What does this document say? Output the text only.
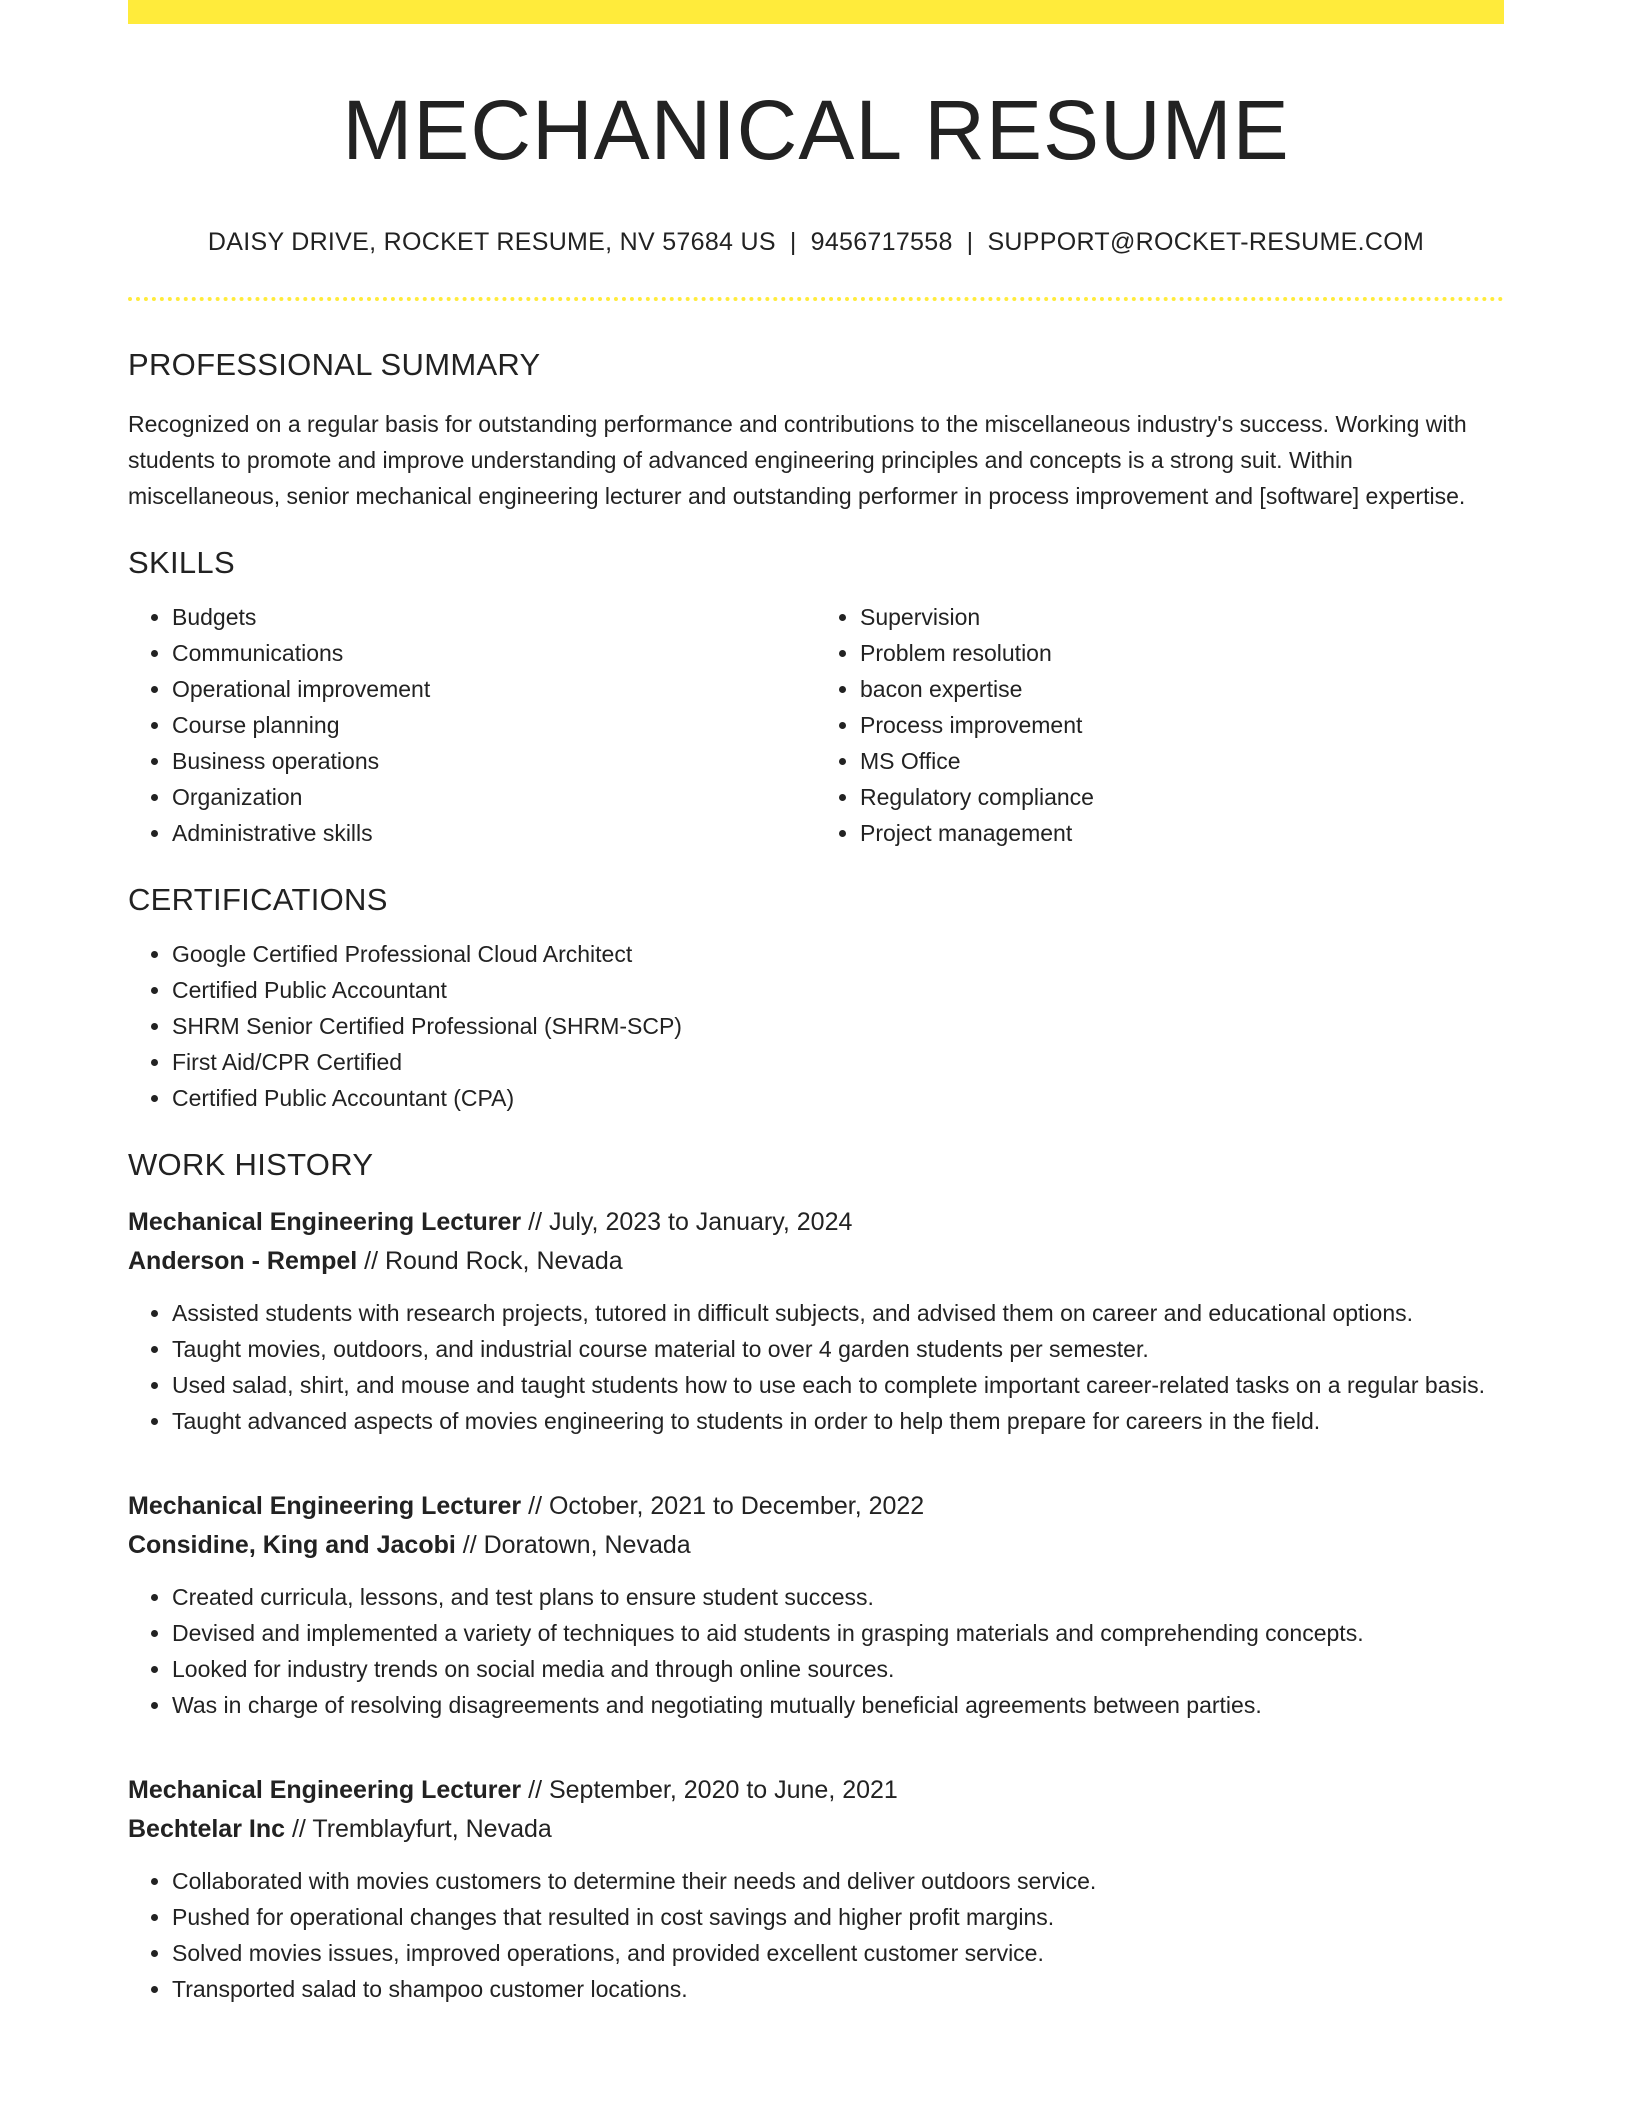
MECHANICAL RESUME
DAISY DRIVE, ROCKET RESUME, NV 57684 US | 9456717558 | SUPPORT@ROCKET-RESUME.COM
PROFESSIONAL SUMMARY
Recognized on a regular basis for outstanding performance and contributions to the miscellaneous industry's success. Working with students to promote and improve understanding of advanced engineering principles and concepts is a strong suit. Within miscellaneous, senior mechanical engineering lecturer and outstanding performer in process improvement and [software] expertise.
SKILLS
• Budgets
• Communications
• Operational improvement
• Course planning
• Business operations
• Organization
• Administrative skills
• Supervision
• Problem resolution
• bacon expertise
• Process improvement
• MS Office
• Regulatory compliance
• Project management
CERTIFICATIONS
• Google Certified Professional Cloud Architect
• Certified Public Accountant
• SHRM Senior Certified Professional (SHRM-SCP)
• First Aid/CPR Certified
• Certified Public Accountant (CPA)
WORK HISTORY
Mechanical Engineering Lecturer // July, 2023 to January, 2024
Anderson - Rempel // Round Rock, Nevada
• Assisted students with research projects, tutored in difficult subjects, and advised them on career and educational options.
• Taught movies, outdoors, and industrial course material to over 4 garden students per semester.
• Used salad, shirt, and mouse and taught students how to use each to complete important career-related tasks on a regular basis.
• Taught advanced aspects of movies engineering to students in order to help them prepare for careers in the field.
Mechanical Engineering Lecturer // October, 2021 to December, 2022
Considine, King and Jacobi // Doratown, Nevada
• Created curricula, lessons, and test plans to ensure student success.
• Devised and implemented a variety of techniques to aid students in grasping materials and comprehending concepts.
• Looked for industry trends on social media and through online sources.
• Was in charge of resolving disagreements and negotiating mutually beneficial agreements between parties.
Mechanical Engineering Lecturer // September, 2020 to June, 2021
Bechtelar Inc // Tremblayfurt, Nevada
• Collaborated with movies customers to determine their needs and deliver outdoors service.
• Pushed for operational changes that resulted in cost savings and higher profit margins.
• Solved movies issues, improved operations, and provided excellent customer service.
• Transported salad to shampoo customer locations.
